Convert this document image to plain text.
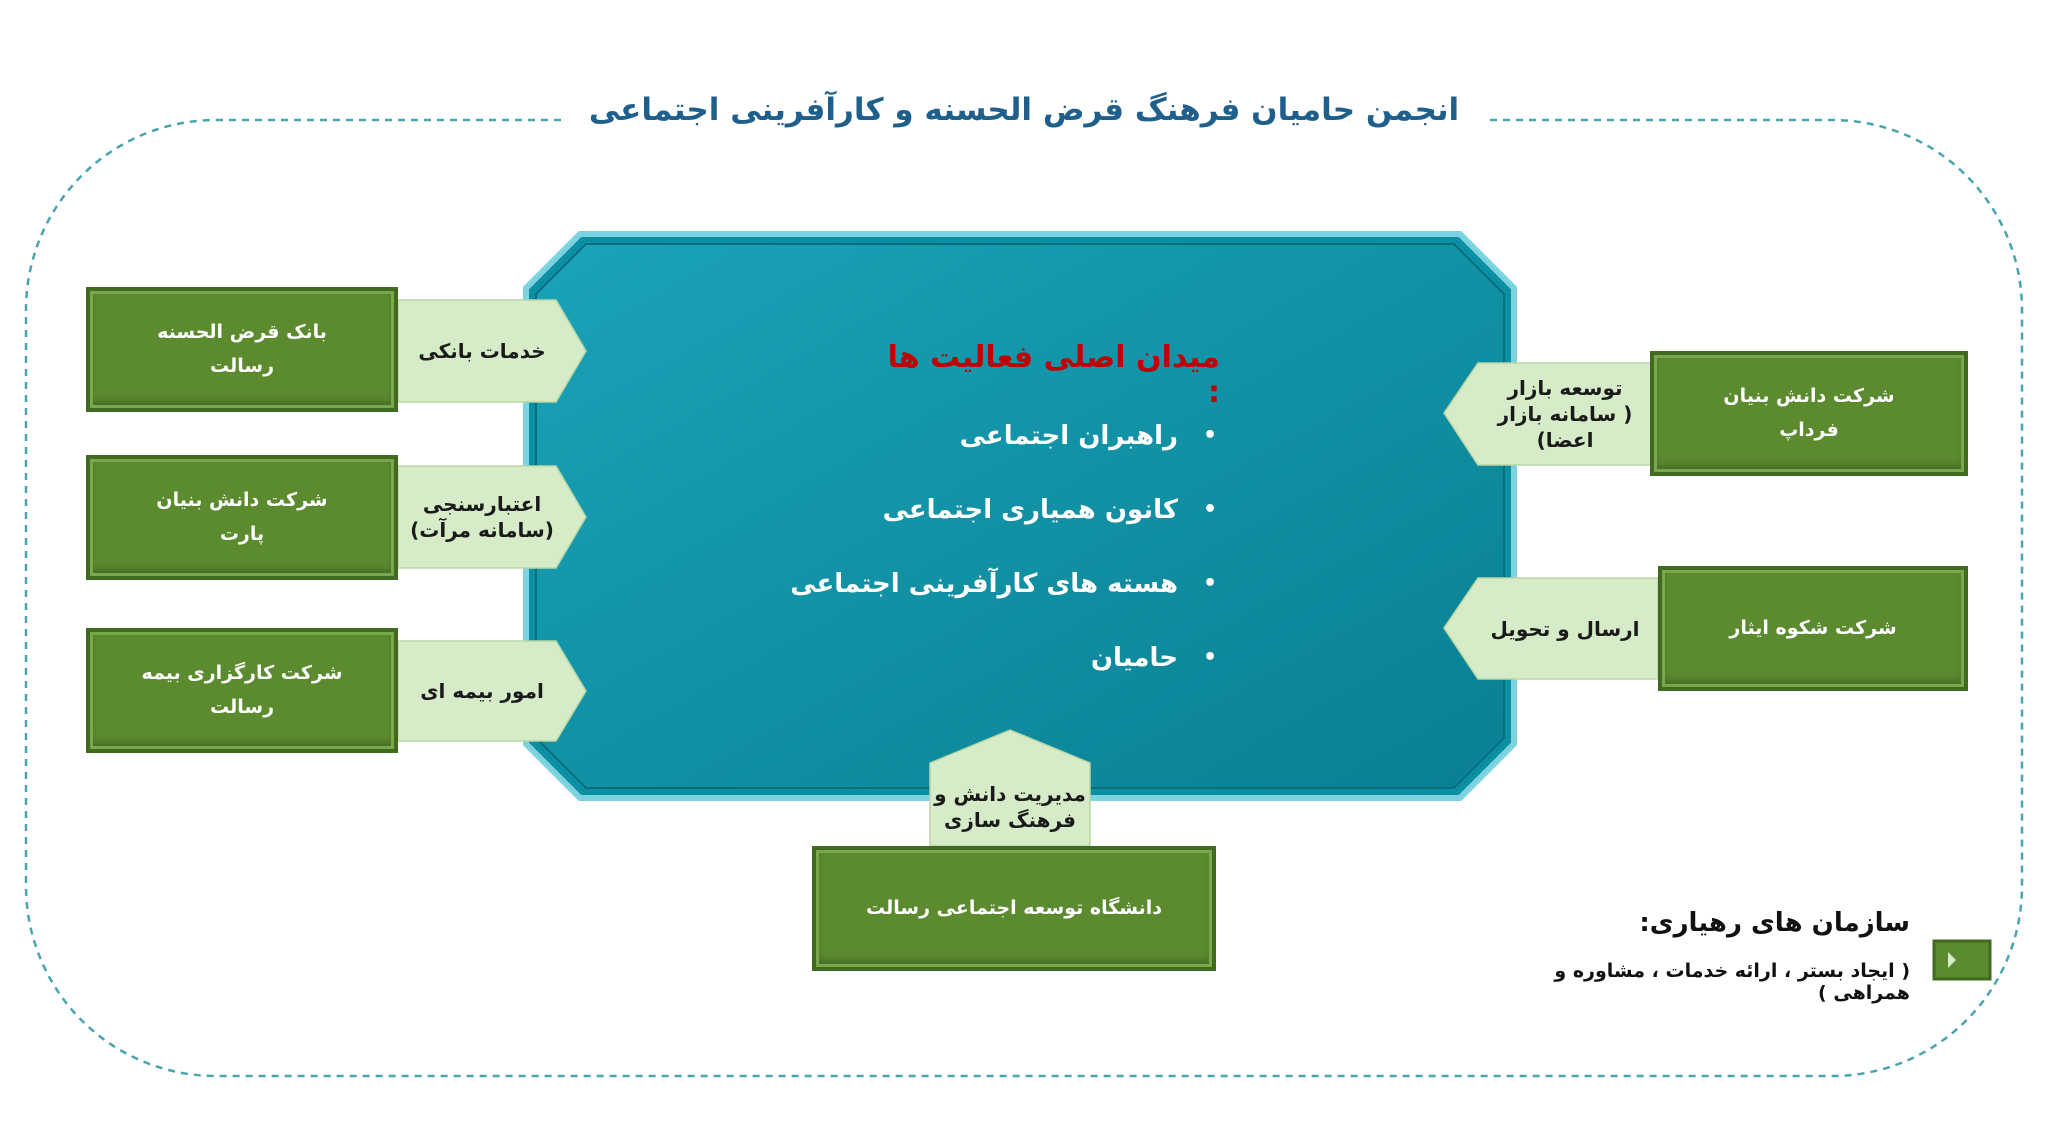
انجمن حامیان فرهنگ قرض الحسنه و کارآفرینی اجتماعی
میدان اصلی فعالیت ها :
•
راهبران اجتماعی
•
کانون همیاری اجتماعی
•
هسته های کارآفرینی اجتماعی
•
حامیان
بانک قرض الحسنه
رسالت
شرکت دانش بنیان
پارت
شرکت کارگزاری بیمه
رسالت
خدمات بانکی
اعتبارسنجی
(سامانه مرآت)
امور بیمه ای
شرکت دانش بنیان
فرداپ
شرکت شکوه ایثار
توسعه بازار
( سامانه بازار اعضا)
ارسال و تحویل
دانشگاه توسعه اجتماعی رسالت
مدیریت دانش و
فرهنگ سازی
سازمان های رهیاری:
( ایجاد بستر ، ارائه خدمات ، مشاوره و همراهی )
